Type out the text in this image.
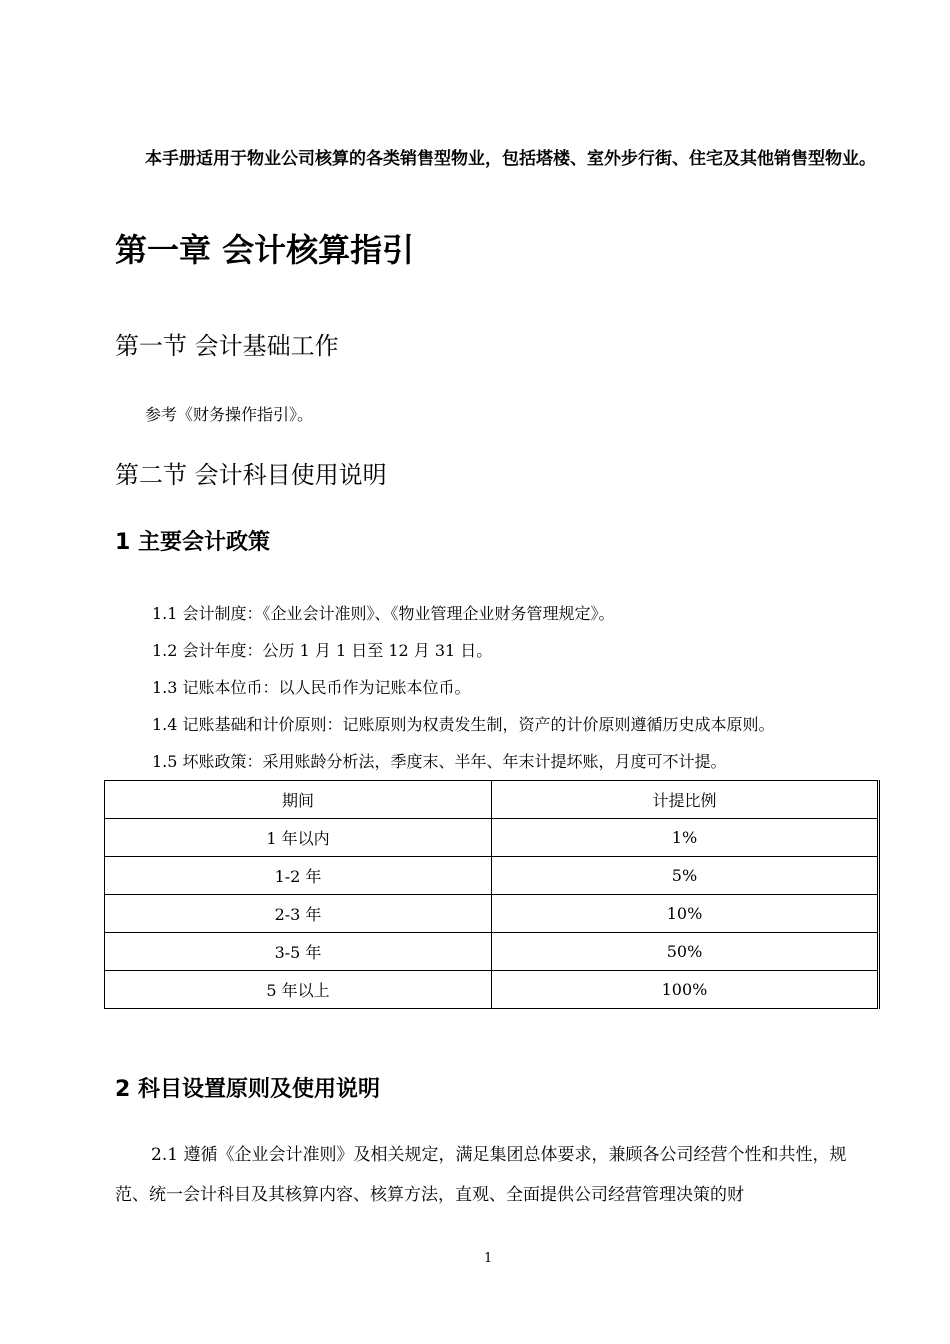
本手册适用于物业公司核算的各类销售型物业，包括塔楼、室外步行街、住宅及其他销售型物业。
第一章 会计核算指引
第一节 会计基础工作
参考《财务操作指引》。
第二节 会计科目使用说明
1 主要会计政策
1.1 会计制度：《企业会计准则》、《物业管理企业财务管理规定》。
1.2 会计年度：公历 1 月 1 日至 12 月 31 日。
1.3 记账本位币：以人民币作为记账本位币。
1.4 记账基础和计价原则：记账原则为权责发生制，资产的计价原则遵循历史成本原则。
1.5 坏账政策：采用账龄分析法，季度末、半年、年末计提坏账，月度可不计提。
期间	计提比例
1 年以内	1%
1-2 年	5%
2-3 年	10%
3-5 年	50%
5 年以上	100%
2 科目设置原则及使用说明
2.1 遵循《企业会计准则》及相关规定，满足集团总体要求，兼顾各公司经营个性和共性，规范、统一会计科目及其核算内容、核算方法，直观、全面提供公司经营管理决策的财
1
